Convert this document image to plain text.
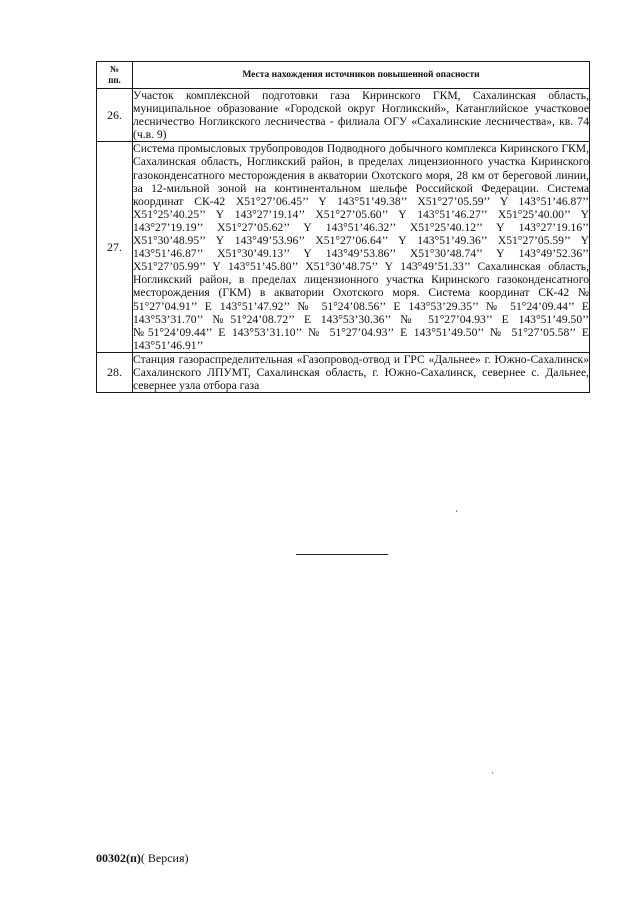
№
пп.	Места нахождения источников повышенной опасности
26.	Участок комплексной подготовки газа Киринского ГКМ, Сахалинская область, муниципальное образование «Городской округ Ногликский», Катанглийское участковое лесничество Ногликского лесничества - филиала ОГУ «Сахалинские лесничества», кв. 74 (ч.в. 9)
27.	Система промысловых трубопроводов Подводного добычного комплекса Киринского ГКМ, Сахалинская область, Ногликский район, в пределах лицензионного участка Киринского газоконденсатного месторождения в акватории Охотского моря, 28 км от береговой линии, за 12-мильной зоной на континентальном шельфе Российской Федерации. Система координат СК-42 X51°27’06.45’’ Y 143°51’49.38’’ X51°27’05.59’’ Y 143°51’46.87’’ X51°25’40.25’’ Y 143°27’19.14’’ X51°27’05.60’’ Y 143°51’46.27’’ X51°25’40.00’’ Y 143°27’19.19’’ X51°27’05.62’’ Y 143°51’46.32’’ X51°25’40.12’’ Y 143°27’19.16’’ X51°30’48.95’’ Y 143°49’53.96’’ X51°27’06.64’’ Y 143°51’49.36’’ X51°27’05.59’’ Y 143°51’46.87’’ X51°30’49.13’’ Y 143°49’53.86’’ X51°30’48.74’’ Y 143°49’52.36’’ X51°27’05.99’’ Y 143°51’45.80’’ X51°30’48.75’’ Y 143°49’51.33’’ Сахалинская область, Ногликский район, в пределах лицензионного участка Киринского газоконденсатного месторождения (ГКМ) в акватории Охотского моря. Система координат СК-42 № 51°27’04.91’’ E 143°51’47.92’’ № 51°24’08.56’’ E 143°53’29.35’’ № 51°24’09.44’’ E 143°53’31.70’’ №51°24’08.72’’ E 143°53’30.36’’ № 51°27’04.93’’ E 143°51’49.50’’ №51°24’09.44’’ E 143°53’31.10’’ № 51°27’04.93’’ E 143°51’49.50’’ № 51°27’05.58’’ E 143°51’46.91’’
28.	Станция газораспределительная «Газопровод-отвод и ГРС «Дальнее» г. Южно-Сахалинск» Сахалинского ЛПУМТ, Сахалинская область, г. Южно-Сахалинск, севернее с. Дальнее, севернее узла отбора газа
00302(п)( Версия)
